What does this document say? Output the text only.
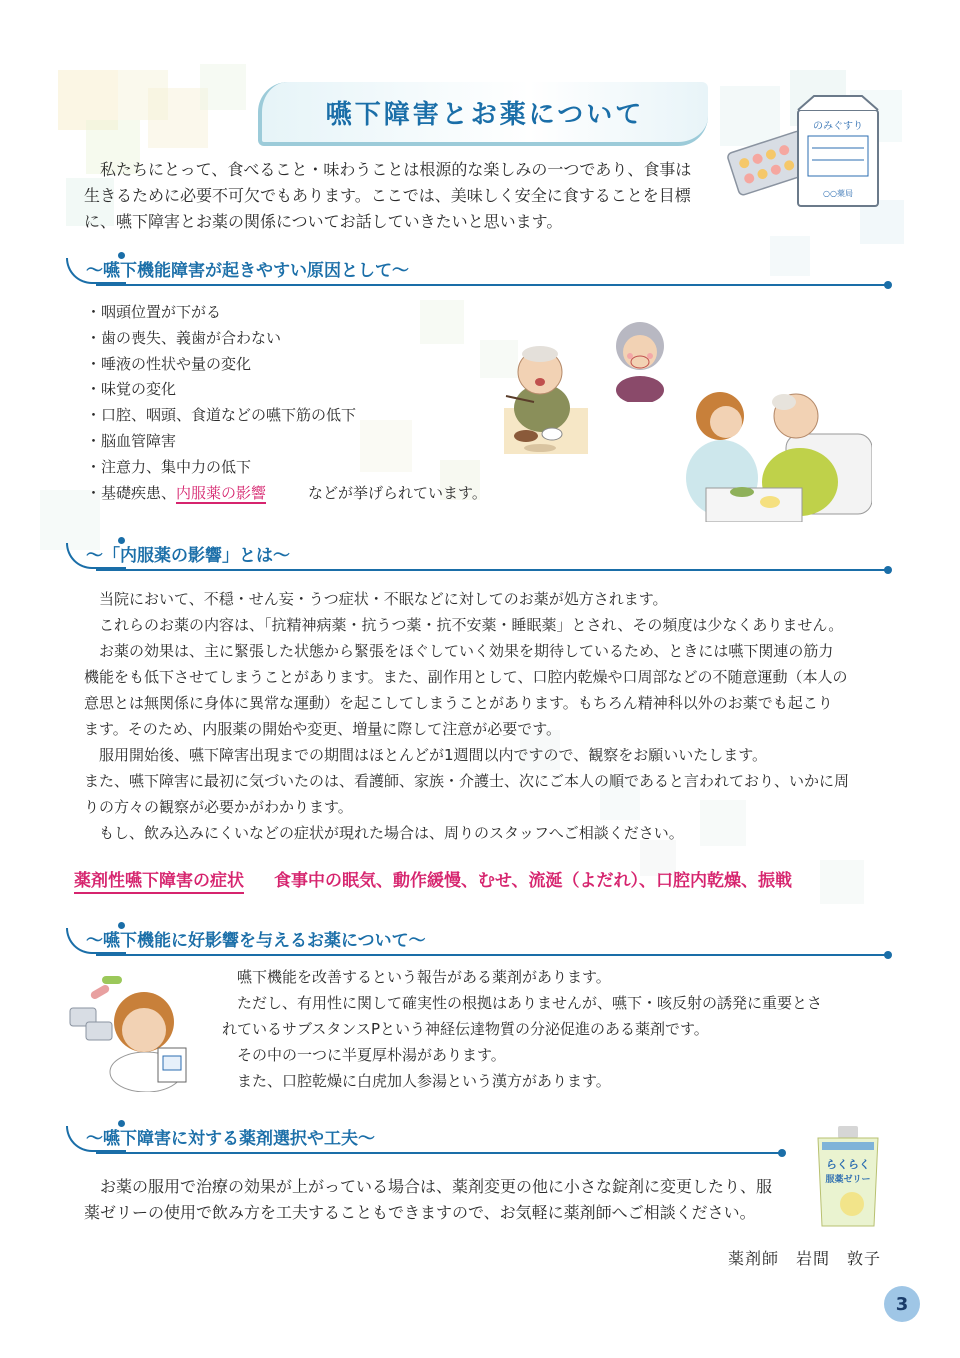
嚥下障害とお薬について	のみぐすり
○○薬局

私たちにとって、食べること・味わうことは根源的な楽しみの一つであり、食事は

生きるために必要不可欠でもあります。ここでは、美味しく安全に食することを目標

に、嚥下障害とお薬の関係についてお話していきたいと思います。

～嚥下機能障害が起きやすい原因として～
・咽頭位置が下がる
・歯の喪失、義歯が合わない
・唾液の性状や量の変化
・味覚の変化
・口腔、咽頭、食道などの嚥下筋の低下
・脳血管障害
・注意力、集中力の低下
・基礎疾患、内服薬の影響	などが挙げられています。
～「内服薬の影響」とは～

当院において、不穏・せん妄・うつ症状・不眠などに対してのお薬が処方されます。

これらのお薬の内容は、「抗精神病薬・抗うつ薬・抗不安薬・睡眠薬」とされ、その頻度は少なくありません。

お薬の効果は、主に緊張した状態から緊張をほぐしていく効果を期待しているため、ときには嚥下関連の筋力

機能をも低下させてしまうことがあります。また、副作用として、口腔内乾燥や口周部などの不随意運動（本人の

意思とは無関係に身体に異常な運動）を起こしてしまうことがあります。もちろん精神科以外のお薬でも起こり

ます。そのため、内服薬の開始や変更、増量に際して注意が必要です。

服用開始後、嚥下障害出現までの期間はほとんどが1週間以内ですので、観察をお願いいたします。

また、嚥下障害に最初に気づいたのは、看護師、家族・介護士、次にご本人の順であると言われており、いかに周

りの方々の観察が必要かがわかります。

もし、飲み込みにくいなどの症状が現れた場合は、周りのスタッフへご相談ください。

薬剤性嚥下障害の症状 食事中の眠気、動作緩慢、むせ、流涎（よだれ）、口腔内乾燥、振戦
～嚥下機能に好影響を与えるお薬について～

嚥下機能を改善するという報告がある薬剤があります。

ただし、有用性に関して確実性の根拠はありませんが、嚥下・咳反射の誘発に重要とさ

れているサブスタンスPという神経伝達物質の分泌促進のある薬剤です。

その中の一つに半夏厚朴湯があります。

また、口腔乾燥に白虎加人参湯という漢方があります。

～嚥下障害に対する薬剤選択や工夫～
らくらく
服薬ゼリー

お薬の服用で治療の効果が上がっている場合は、薬剤変更の他に小さな錠剤に変更したり、服

薬ゼリーの使用で飲み方を工夫することもできますので、お気軽に薬剤師へご相談ください。

薬剤師　岩間　敦子
3
